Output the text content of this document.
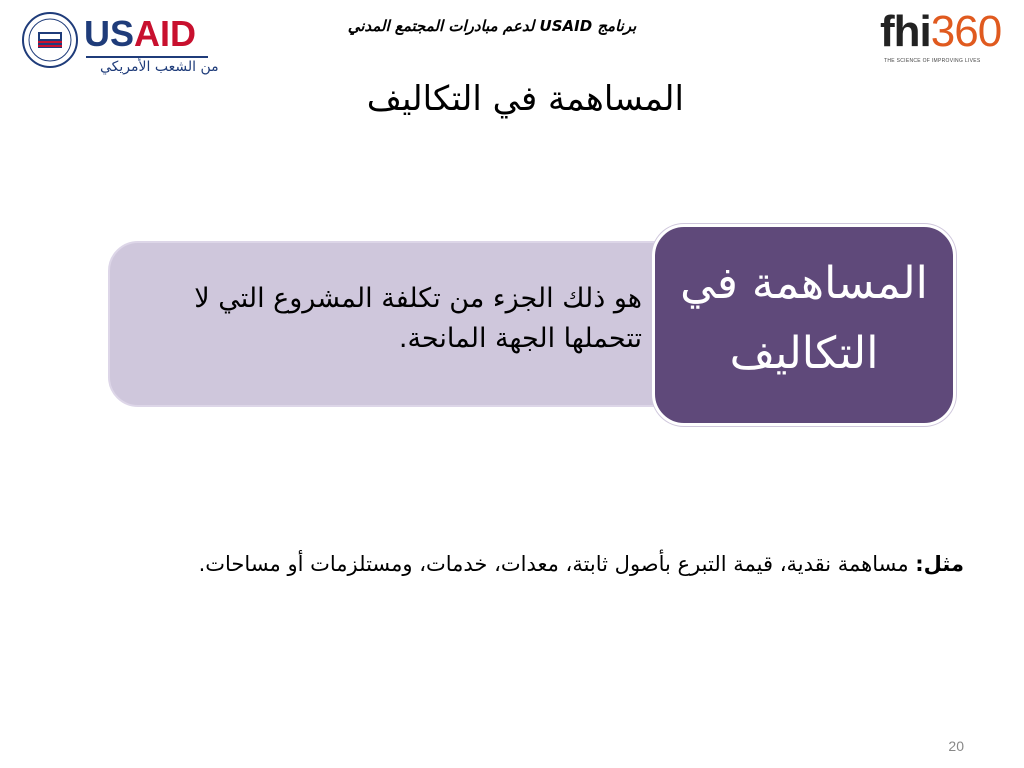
USAID
من الشعب الأمريكي
برنامج USAID لدعم مبادرات المجتمع المدني	fhi360
THE SCIENCE OF IMPROVING LIVES
المساهمة في التكاليف
هو ذلك الجزء من تكلفة المشروع التي لا تتحملها الجهة المانحة.
المساهمة في التكاليف
مثل: مساهمة نقدية، قيمة التبرع بأصول ثابتة، معدات، خدمات، ومستلزمات أو مساحات.
20
